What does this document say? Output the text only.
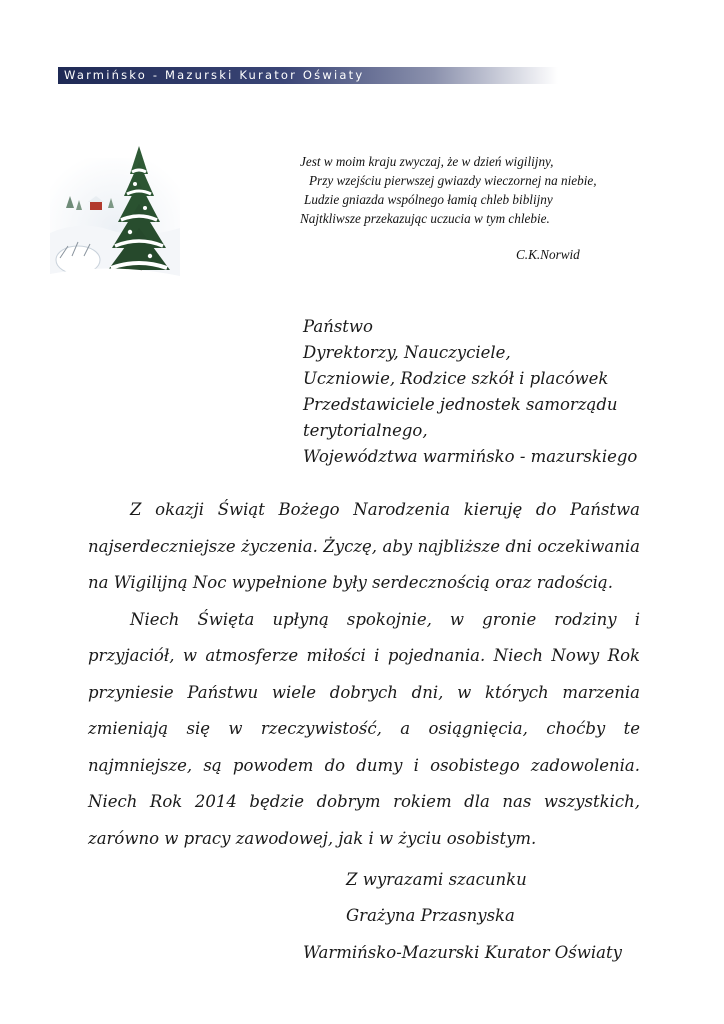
Warmińsko - Mazurski Kurator Oświaty
Jest w moim kraju zwyczaj, że w dzień wigilijny,
Przy wzejściu pierwszej gwiazdy wieczornej na niebie,
Ludzie gniazda wspólnego łamią chleb biblijny
Najtkliwsze przekazując uczucia w tym chlebie.
C.K.Norwid
Państwo
Dyrektorzy, Nauczyciele,
Uczniowie, Rodzice szkół i placówek
Przedstawiciele jednostek samorządu
terytorialnego,
Województwa warmińsko - mazurskiego

Z okazji Świąt Bożego Narodzenia kieruję do Państwa najserdeczniejsze życzenia. Życzę, aby najbliższe dni oczekiwania na Wigilijną Noc wypełnione były serdecznością oraz radością.

Niech Święta upłyną spokojnie, w gronie rodziny i przyjaciół, w atmosferze miłości i pojednania. Niech Nowy Rok przyniesie Państwu wiele dobrych dni, w których marzenia zmieniają się w rzeczywistość, a osiągnięcia, choćby te najmniejsze, są powodem do dumy i osobistego zadowolenia. Niech Rok 2014 będzie dobrym rokiem dla nas wszystkich, zarówno w pracy zawodowej, jak i w życiu osobistym.

Z wyrazami szacunku
Grażyna Przasnyska
Warmińsko-Mazurski Kurator Oświaty
